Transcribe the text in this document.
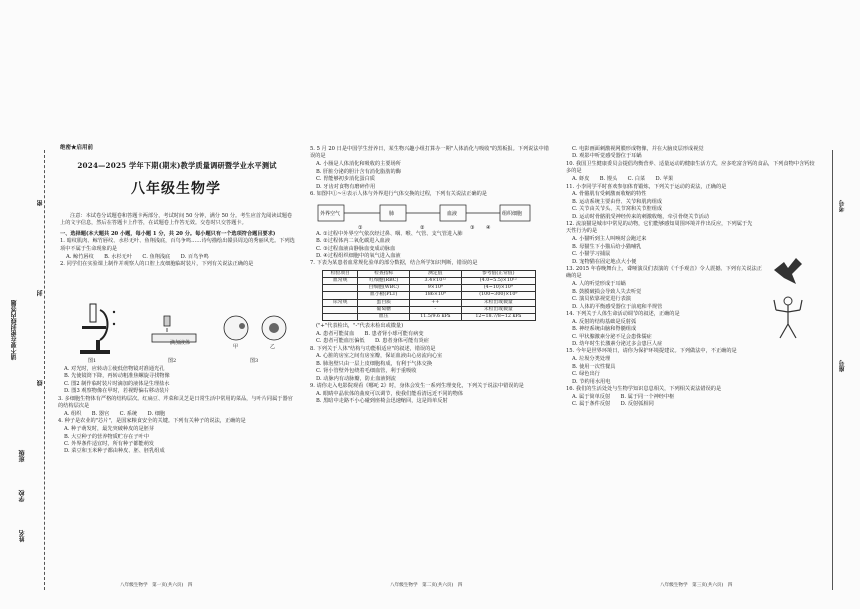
请不要在密封线内答题
姓名
学校
班级
密
封
线
考号
座号
绝密★启用前
2024—2025 学年下期(期末)教学质量调研暨学业水平测试
八年级生物学
注意：本试卷分试题卷和答题卡两部分，考试时间 50 分钟，满分 50 分。考生应首先阅读试题卷上的文字信息，然后在答题卡上作答，在试题卷上作答无效。交卷时只交答题卡。
一、选择题(本大题共 20 小题，每小题 1 分，共 20 分。每小题只有一个选项符合题目要求)
1. 暗纹肌肉、鲸竹唇纹、水杉无叶、鱼翔浅底，百鸟争鸣……诗句描绘出赣县周边的秀丽风光。下列选项中不属于生命现象的是
A. 鲸竹唇纹　　B. 水杉无叶　　C. 鱼翔浅底　　D. 百鸟争鸣
2. 同学们在实验课上制作并观察人的口腔上皮细胞临时装片，下列有关说法正确的是
图1
滴加液体
图2
甲	乙
图3
A. 对光时，应转动①使低倍物镜对准通光孔
B. 先使镜筒下降，再转动粗准焦螺旋寻找物像
C. 图2 制作临时装片时滴加的液体是生理盐水
D. 图3 观察物像在甲时，若视野偏右移动装片
3. 多细胞生物体有严格的结构层次。红扁豆、芹菜和灵芝是日常生活中常用的菜品，与叶片同属于器官的结构层次是
A. 组织　　B. 器官　　C. 系统　　D. 细胞
4. 种子是农业的"芯片"，是国家粮食安全的关键。下列有关种子的说法，正确的是
A. 种子萌发时，最先突破种皮的是胚芽
B. 大豆种子的营养物质贮存在子叶中
C. 外界条件适宜时，所有种子都能萌发
D. 菜豆和玉米种子都由种皮、胚、胚乳组成
5. 5 月 20 日是中国学生营养日，某生物兴趣小组打算办一期"人体消化与吸收"的黑板报。下列说法中错误的是
A. 小肠是人体消化和吸收的主要场所
B. 肝脏分泌的胆汁含有消化脂肪的酶
C. 胃能够初步消化蛋白质
D. 牙齿对食物有磨碎作用
6. 如图中①~④表示人体与外界进行气体交换的过程，下列有关说法正确的是
外界空气	肺	血液	组织细胞
①	②	③ ④
A. ①过程中外界空气依次经过鼻、咽、喉、气管、支气管进入肺
B. ②过程体内二氧化碳进入血液
C. ③过程血液由静脉血变成动脉血
D. ④过程组织细胞中的氧气进入血液
7. 下表为某患者血常规化验单的部分数据，结合所学知识判断，错误的是
检验项目	检查指标	测定值	参考值(正常值)
血常规	红细胞(RBC)	3.4×10¹²	(4.0~5.5)×10¹²
	白细胞(WBC)	9×10⁹	(4~10)×10⁹
	血小板(PLT)	186×10⁹	(100~300)×10⁹
尿常规	蛋白质	++	未检出或微量
	葡萄糖	-	未检出或微量
	血压	11.5/9.6 kPa	12~18.7/8~12 kPa
("+"代表检出，"-"代表未检出或微量)
A. 患者可能贫血　　B. 患者肾小球可能有病变
C. 患者可能血压偏低　　D. 患者身体可能有炎症
8. 下列关于人体"结构与功能相适应"的叙述，错误的是
A. 心脏的房室之间有房室瓣，保证血液由心房流向心室
B. 肺泡壁只由一层上皮细胞构成，有利于气体交换
C. 肾小管壁外包绕着毛细血管，利于重吸收
D. 动脉内有动脉瓣，防止血液倒流
9. 请你走入电影院观看《哪吒 2》时，身体会发生一系列生理变化，下列关于说法中错误的是
A. 眼睛中晶状体的曲度可以调节，使我们能看清远近不同的物体
B. 黑暗中走路不小心碰到座椅会迅速缩回，这是简单反射
C. 电影画面刺激视网膜形成物像，并在大脑皮层形成视觉
D. 观影中听觉感受器位于耳蜗
10. 我国卫生健康委员会提倡均衡营养、适量运动的健康生活方式，应多吃富含钙的食品，下列食物中含钙较多的是
A. 虾皮　　B. 馒头　　C. 白菜　　D. 苹果
11. 小李同学平时喜欢参加体育锻炼，下列关于运动的说法，正确的是
A. 骨骼肌有受刺激而收缩的特性
B. 运动系统主要由骨、关节和肌肉组成
C. 关节由关节头、关节窝和关节腔组成
D. 运动时骨骼肌受神经传来的刺激收缩，牵引骨绕关节活动
12. 流浪猫是城市中常见的动物，它们能够感知周围环境并作出反应，下列属于先天性行为的是
A. 小猫听到主人叫唤时会跑过来
B. 母猫生下小猫后给小猫哺乳
C. 小猫学习捕鼠
D. 宠物猫在固定地点大小便
13. 2015 年春晚舞台上，聋哑演员们表演的《千手观音》令人震撼。下列有关说法正确的是
A. 人的听觉形成于耳蜗
B. 鼓膜破损会导致人失去听觉
C. 演员依靠视觉进行表演
D. 人体的平衡感受器位于前庭和半规管
14. 下列关于人体生命活动调节的叙述，正确的是
A. 反射的结构基础是反射弧
B. 神经系统由脑和脊髓组成
C. 甲状腺激素分泌不足会患侏儒症
D. 幼年时生长激素分泌过多会患巨人症
15. 今年是世界环境日，请你为保护环境提建议。下列做法中，不正确的是
A. 垃圾分类处理
B. 使用一次性餐具
C. 绿色出行
D. 节约用水用电
16. 我们的生活处处与生物学知识息息相关，下列相关说法错误的是
A. 属于简单反射　　B. 属于同一个神经中枢
C. 属于条件反射　　D. 反射弧相同
八年级生物学　第一页(共六页)　四	八年级生物学　第二页(共六页)　四	八年级生物学　第三页(共六页)　四
